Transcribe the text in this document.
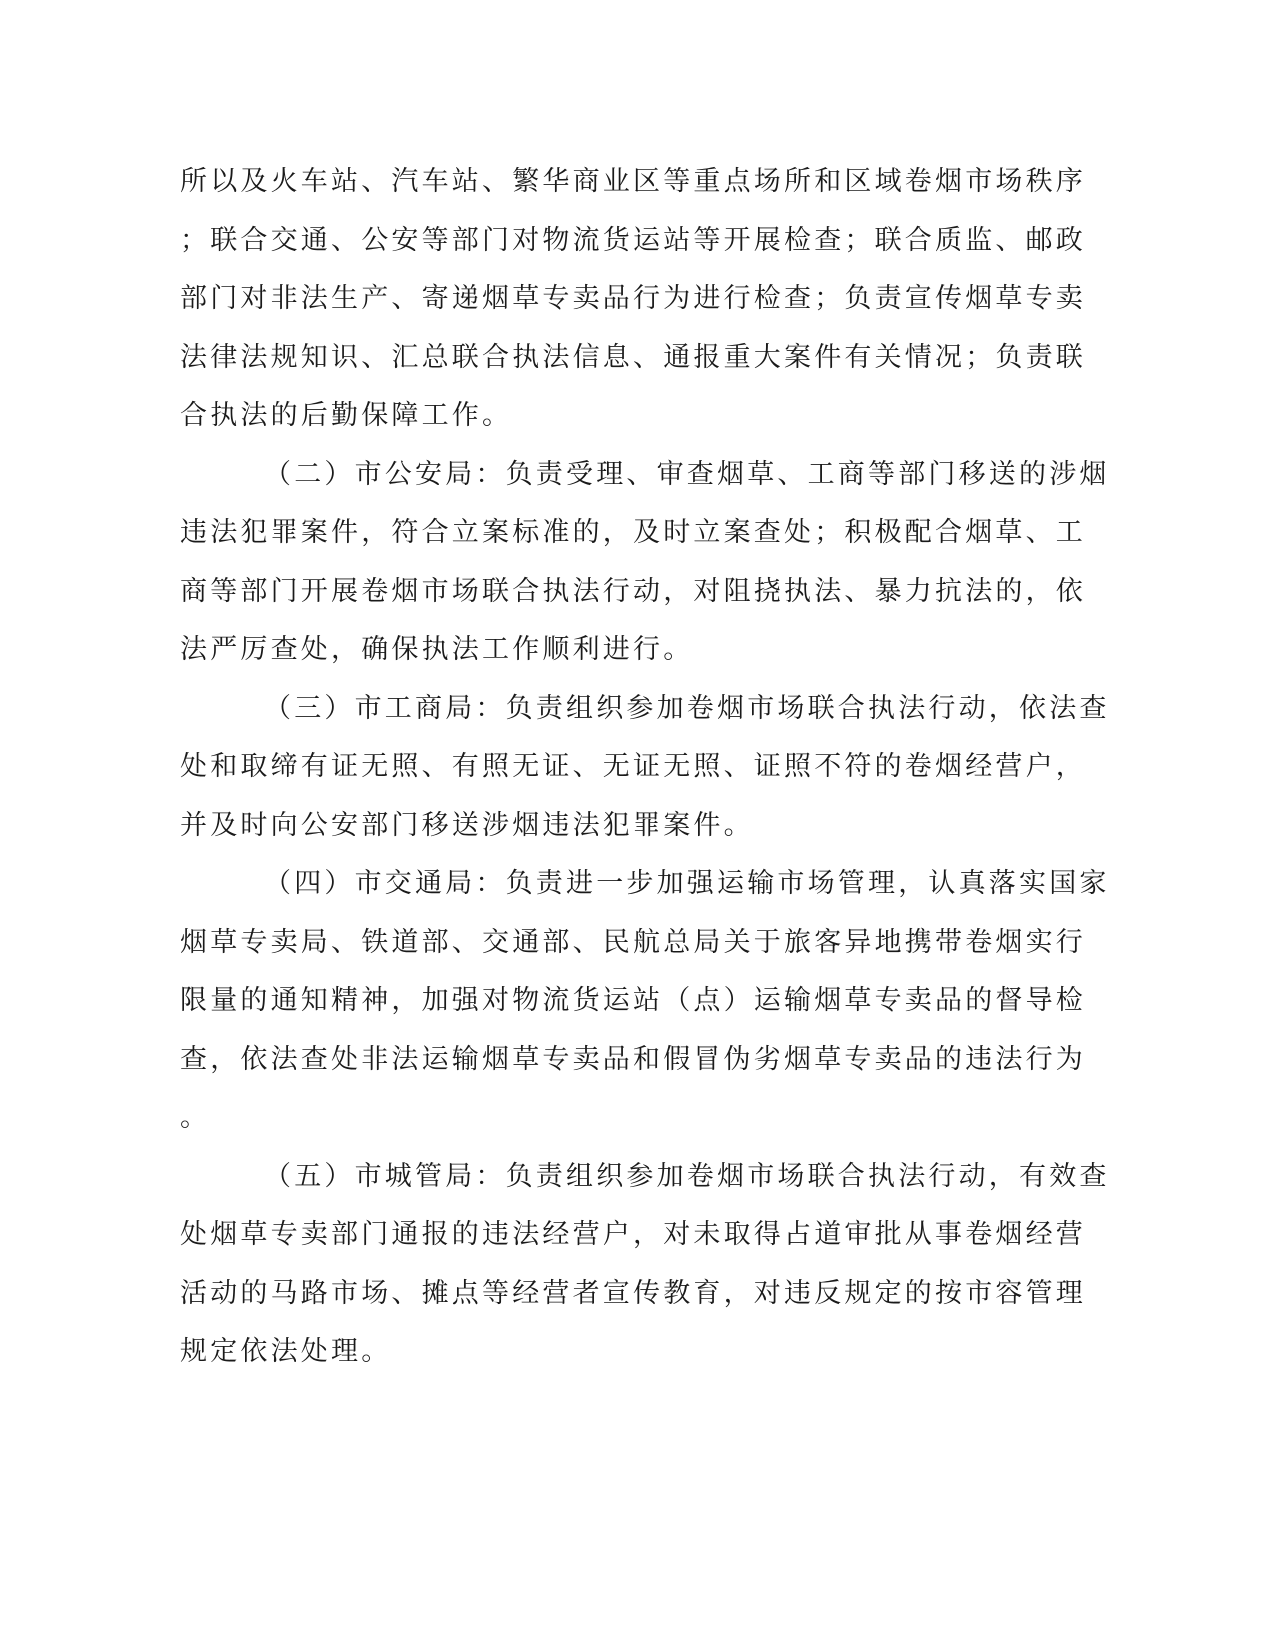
所以及火车站、汽车站、繁华商业区等重点场所和区域卷烟市场秩序
；联合交通、公安等部门对物流货运站等开展检查；联合质监、邮政
部门对非法生产、寄递烟草专卖品行为进行检查；负责宣传烟草专卖
法律法规知识、汇总联合执法信息、通报重大案件有关情况；负责联
合执法的后勤保障工作。
（二）市公安局：负责受理、审查烟草、工商等部门移送的涉烟
违法犯罪案件，符合立案标准的，及时立案查处；积极配合烟草、工
商等部门开展卷烟市场联合执法行动，对阻挠执法、暴力抗法的，依
法严厉查处，确保执法工作顺利进行。
（三）市工商局：负责组织参加卷烟市场联合执法行动，依法查
处和取缔有证无照、有照无证、无证无照、证照不符的卷烟经营户，
并及时向公安部门移送涉烟违法犯罪案件。
（四）市交通局：负责进一步加强运输市场管理，认真落实国家
烟草专卖局、铁道部、交通部、民航总局关于旅客异地携带卷烟实行
限量的通知精神，加强对物流货运站（点）运输烟草专卖品的督导检
查，依法查处非法运输烟草专卖品和假冒伪劣烟草专卖品的违法行为
。
（五）市城管局：负责组织参加卷烟市场联合执法行动，有效查
处烟草专卖部门通报的违法经营户，对未取得占道审批从事卷烟经营
活动的马路市场、摊点等经营者宣传教育，对违反规定的按市容管理
规定依法处理。
